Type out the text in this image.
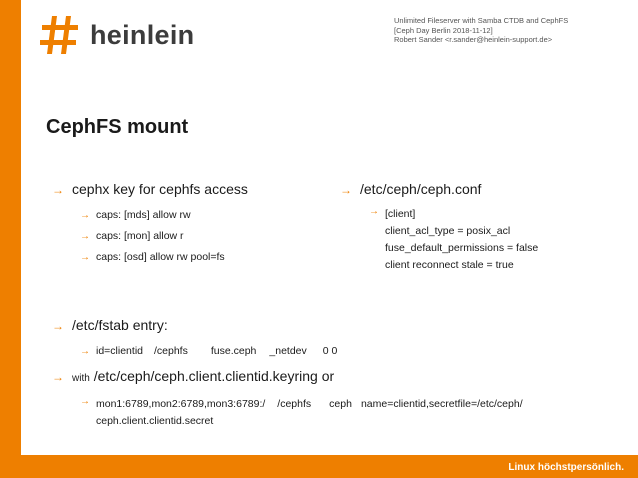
heinlein	Unlimited Fileserver with Samba CTDB and CephFS
[Ceph Day Berlin 2018-11-12]
Robert Sander <r.sander@heinlein-support.de>
CephFS mount
→ cephx key for cephfs access
→ caps: [mds] allow rw
→ caps: [mon] allow r
→ caps: [osd] allow rw pool=fs
→ /etc/ceph/ceph.conf
→ [client]
client_acl_type = posix_acl
fuse_default_permissions = false
client reconnect stale = true
→ /etc/fstab entry:
→ id=clientid /cephfs fuse.ceph _netdev 0 0
→ with /etc/ceph/ceph.client.clientid.keyring or
→ mon1:6789,mon2:6789,mon3:6789:/ /cephfs ceph name=clientid,secretfile=/etc/ceph/
ceph.client.clientid.secret
Linux höchstpersönlich.
